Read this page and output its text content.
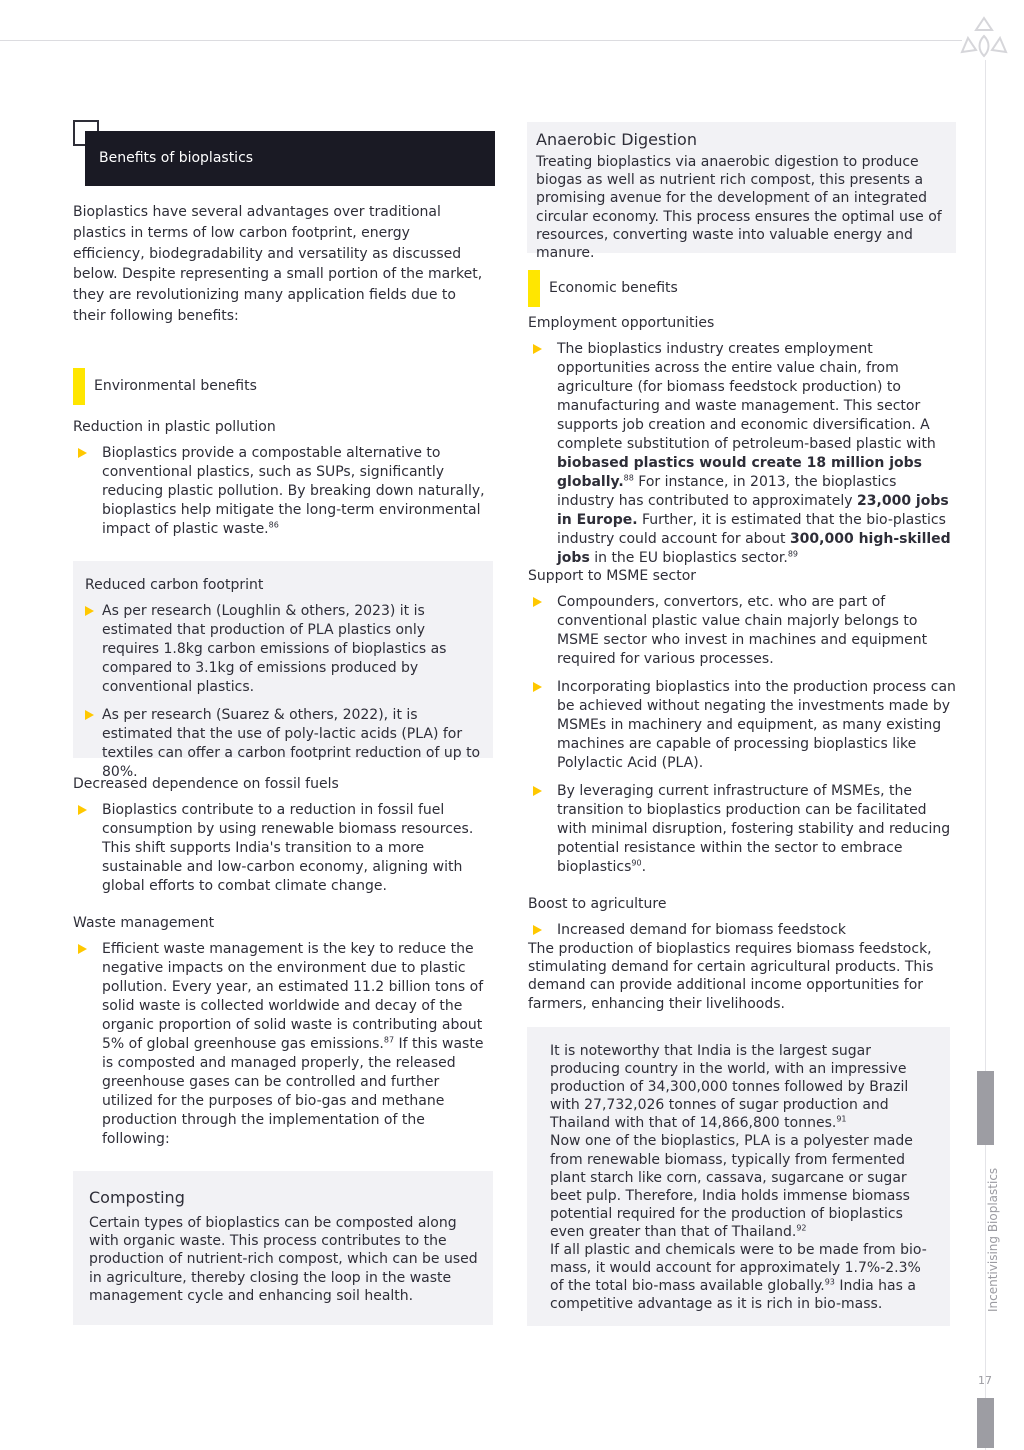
Incentivising Bioplastics
17
Benefits of bioplastics

Bioplastics have several advantages over traditional plastics in terms of low carbon footprint, energy efficiency, biodegradability and versatility as discussed below. Despite representing a small portion of the market, they are revolutionizing many application fields due to their following benefits:

Environmental benefits

Reduction in plastic pollution

Bioplastics provide a compostable alternative to conventional plastics, such as SUPs, significantly reducing plastic pollution. By breaking down naturally, bioplastics help mitigate the long-term environmental impact of plastic waste.$^{86}$

Reduced carbon footprint

As per research (Loughlin & others, 2023) it is estimated that production of PLA plastics only requires 1.8kg carbon emissions of bioplastics as compared to 3.1kg of emissions produced by conventional plastics.
As per research (Suarez & others, 2022), it is estimated that the use of poly-lactic acids (PLA) for textiles can offer a carbon footprint reduction of up to 80%.

Decreased dependence on fossil fuels

Bioplastics contribute to a reduction in fossil fuel consumption by using renewable biomass resources. This shift supports India's transition to a more sustainable and low-carbon economy, aligning with global efforts to combat climate change.

Waste management

Efficient waste management is the key to reduce the negative impacts on the environment due to plastic pollution. Every year, an estimated 11.2 billion tons of solid waste is collected worldwide and decay of the organic proportion of solid waste is contributing about 5% of global greenhouse gas emissions.$^{87}$ If this waste is composted and managed properly, the released greenhouse gases can be controlled and further utilized for the purposes of bio-gas and methane production through the implementation of the following:

Composting

Certain types of bioplastics can be composted along with organic waste. This process contributes to the production of nutrient-rich compost, which can be used in agriculture, thereby closing the loop in the waste management cycle and enhancing soil health.

Anaerobic Digestion

Treating bioplastics via anaerobic digestion to produce biogas as well as nutrient rich compost, this presents a promising avenue for the development of an integrated circular economy. This process ensures the optimal use of resources, converting waste into valuable energy and manure.

Economic benefits

Employment opportunities

The bioplastics industry creates employment opportunities across the entire value chain, from agriculture (for biomass feedstock production) to manufacturing and waste management. This sector supports job creation and economic diversification. A complete substitution of petroleum-based plastic with biobased plastics would create 18 million jobs globally.$^{88}$ For instance, in 2013, the bioplastics industry has contributed to approximately 23,000 jobs in Europe. Further, it is estimated that the bio-plastics industry could account for about 300,000 high-skilled jobs in the EU bioplastics sector.$^{89}$

Support to MSME sector

Compounders, convertors, etc. who are part of conventional plastic value chain majorly belongs to MSME sector who invest in machines and equipment required for various processes.
Incorporating bioplastics into the production process can be achieved without negating the investments made by MSMEs in machinery and equipment, as many existing machines are capable of processing bioplastics like Polylactic Acid (PLA).
By leveraging current infrastructure of MSMEs, the transition to bioplastics production can be facilitated with minimal disruption, fostering stability and reducing potential resistance within the sector to embrace bioplastics$^{90}$.

Boost to agriculture

Increased demand for biomass feedstock

The production of bioplastics requires biomass feedstock, stimulating demand for certain agricultural products. This demand can provide additional income opportunities for farmers, enhancing their livelihoods.

It is noteworthy that India is the largest sugar producing country in the world, with an impressive production of 34,300,000 tonnes followed by Brazil with 27,732,026 tonnes of sugar production and Thailand with that of 14,866,800 tonnes.$^{91}$

Now one of the bioplastics, PLA is a polyester made from renewable biomass, typically from fermented plant starch like corn, cassava, sugarcane or sugar beet pulp. Therefore, India holds immense biomass potential required for the production of bioplastics even greater than that of Thailand.$^{92}$

If all plastic and chemicals were to be made from bio-mass, it would account for approximately 1.7%-2.3% of the total bio-mass available globally.$^{93}$ India has a competitive advantage as it is rich in bio-mass.
